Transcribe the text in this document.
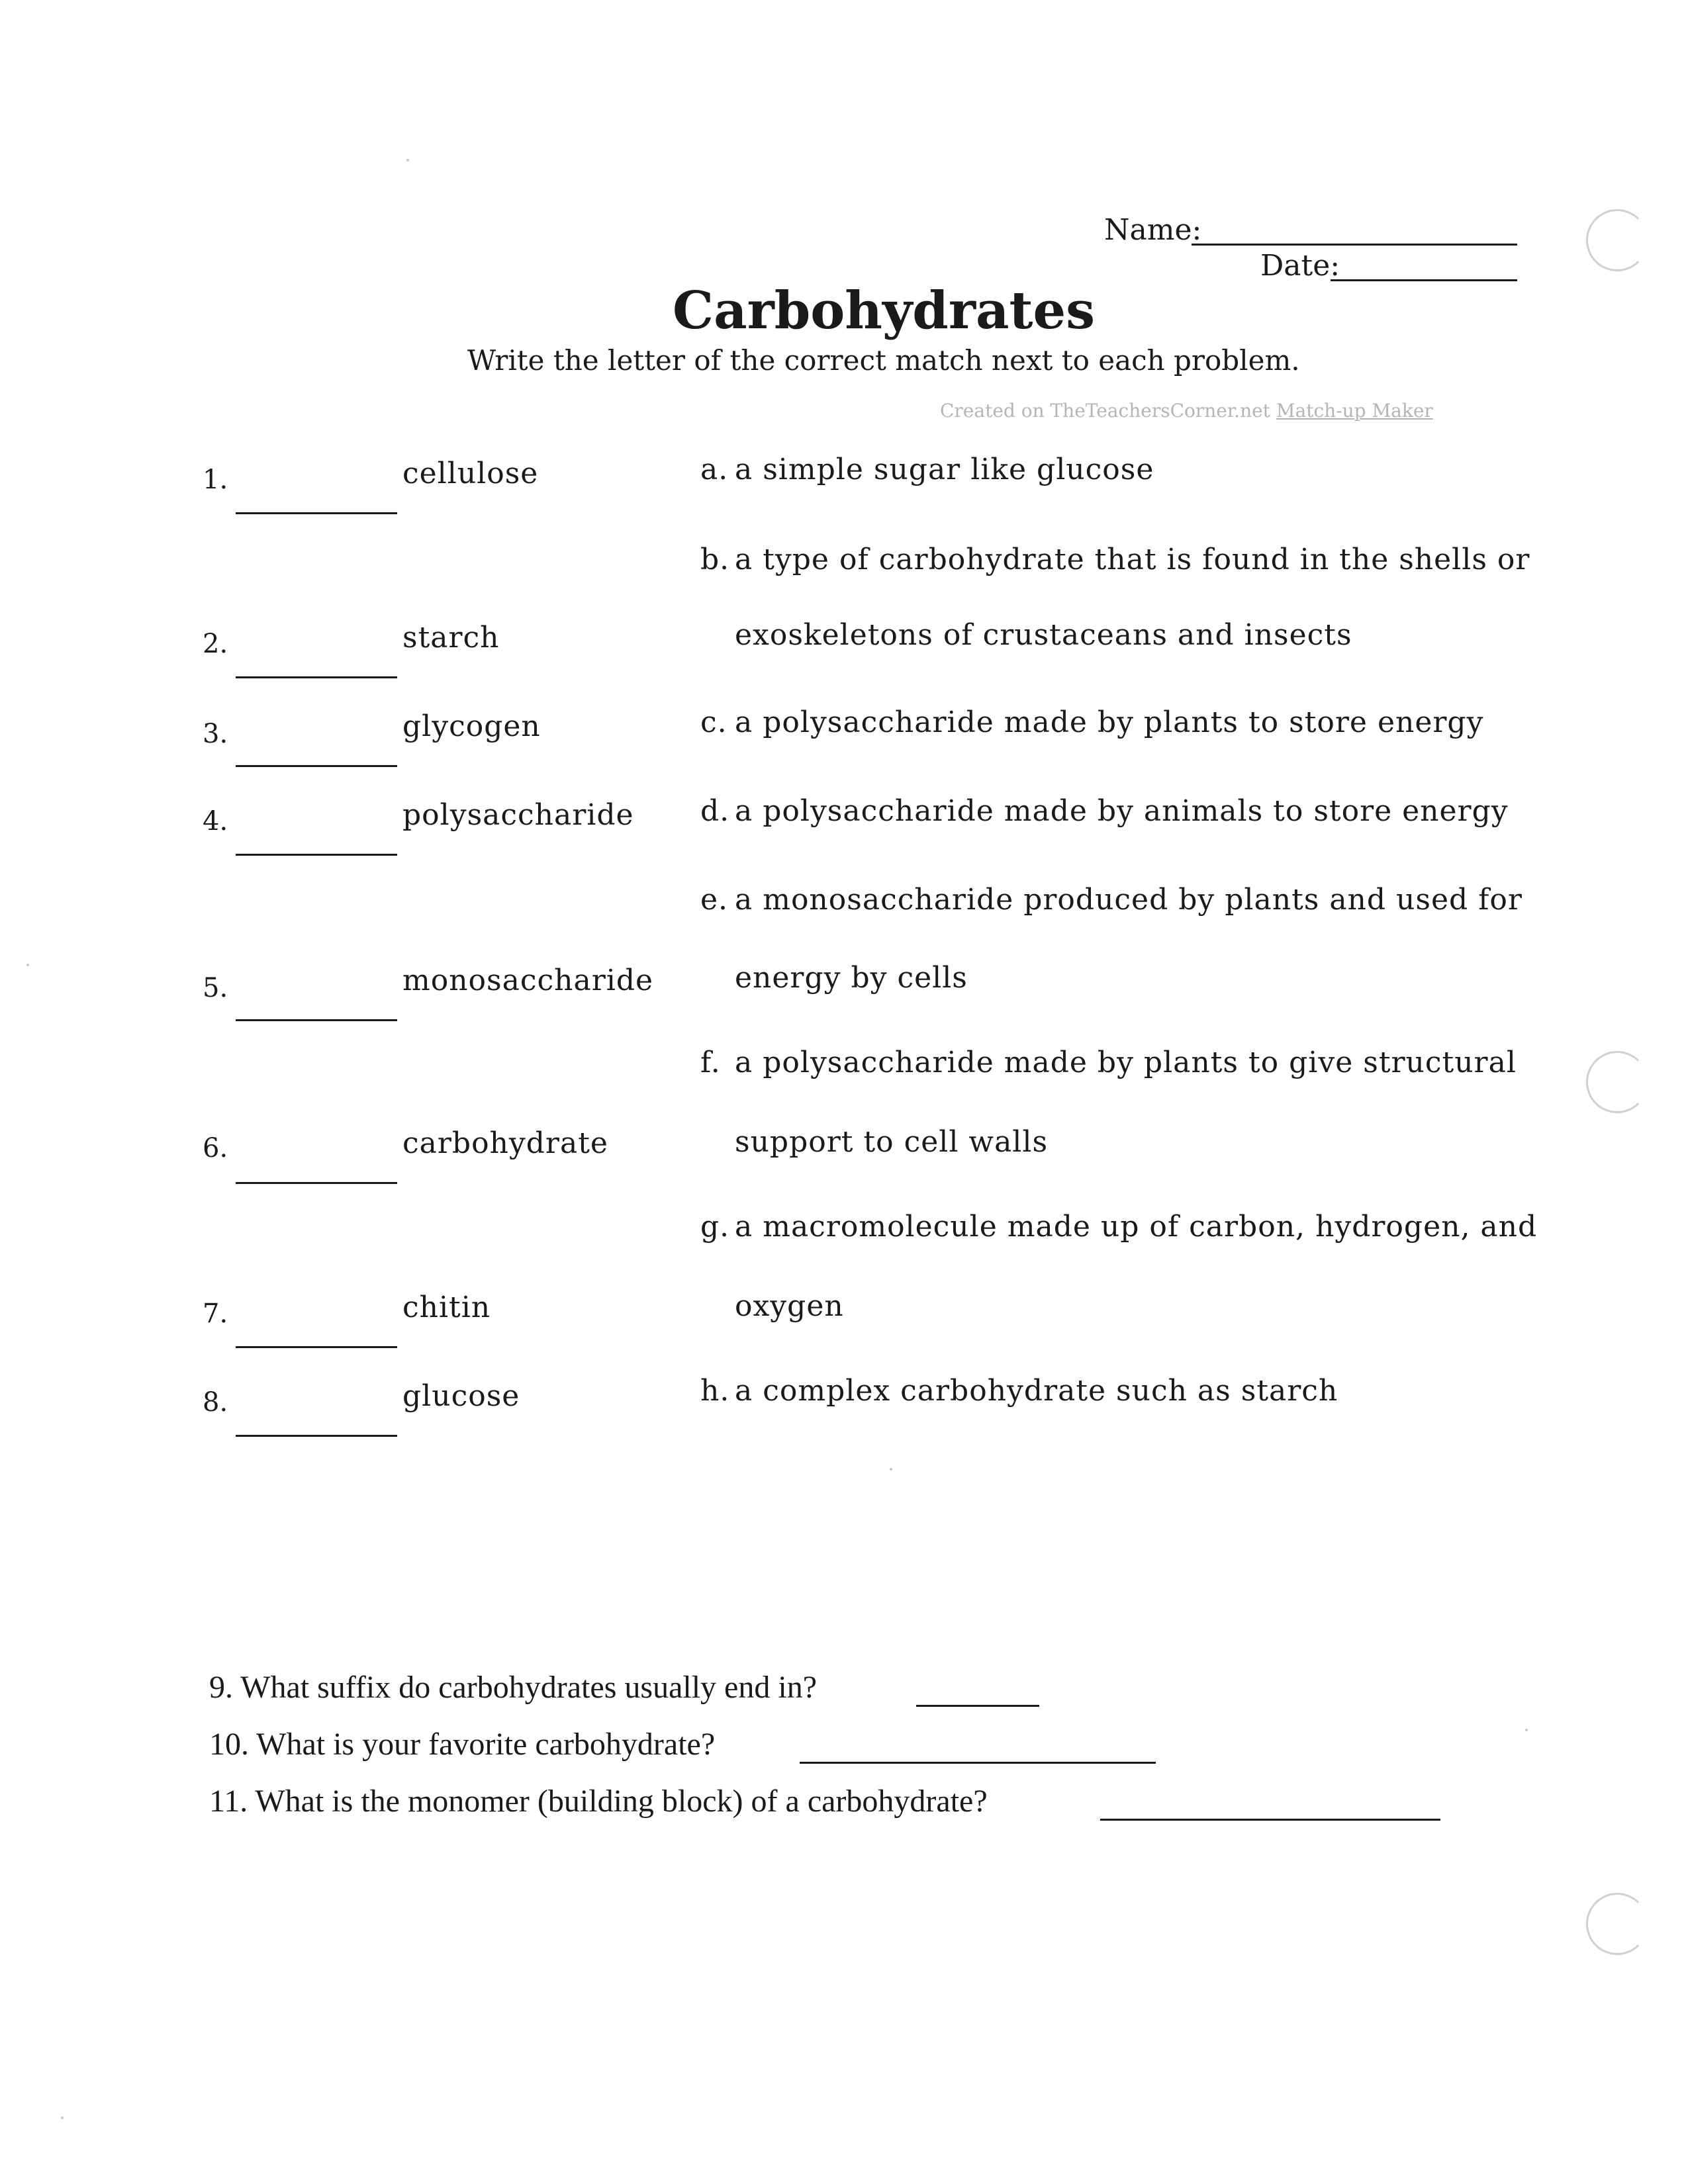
Name:
Date:
Carbohydrates
Write the letter of the correct match next to each problem.
Created on TheTeachersCorner.net Match-up Maker
1.	cellulose
2.	starch
3.	glycogen
4.	polysaccharide
5.	monosaccharide
6.	carbohydrate
7.	chitin
8.	glucose
a. a simple sugar like glucose
b. a type of carbohydrate that is found in the shells or
exoskeletons of crustaceans and insects
c. a polysaccharide made by plants to store energy
d. a polysaccharide made by animals to store energy
e. a monosaccharide produced by plants and used for
energy by cells
f. a polysaccharide made by plants to give structural
support to cell walls
g. a macromolecule made up of carbon, hydrogen, and
oxygen
h. a complex carbohydrate such as starch
9. What suffix do carbohydrates usually end in?
10. What is your favorite carbohydrate?
11. What is the monomer (building block) of a carbohydrate?
